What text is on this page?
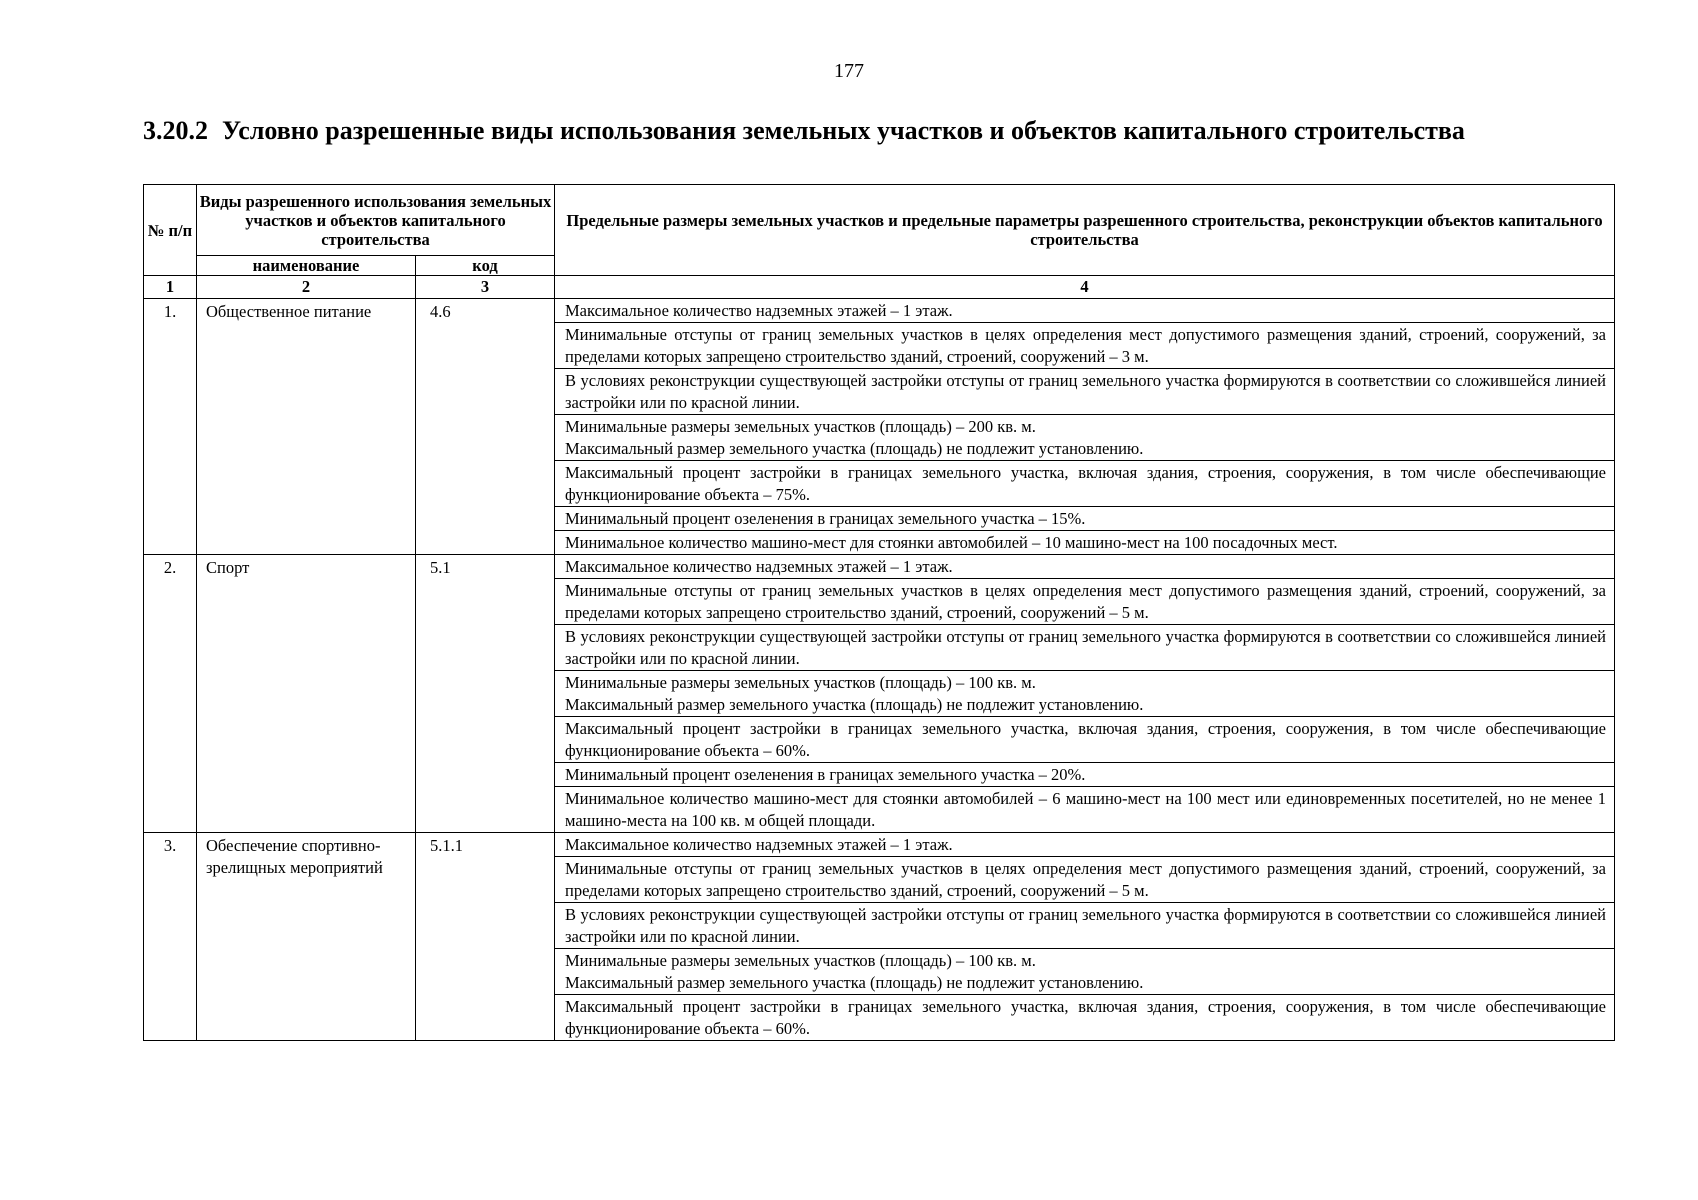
177
3.20.2 Условно разрешенные виды использования земельных участков и объектов капитального строительства
№ п/п	Виды разрешенного использования земельных участков и объектов капитального строительства		Предельные размеры земельных участков и предельные параметры разрешенного строительства, реконструкции объектов капитального строительства
	наименование	код	
1	2	3	4
1.	Общественное питание	4.6	Максимальное количество надземных этажей – 1 этаж.

			Минимальные отступы от границ земельных участков в целях определения мест допустимого размещения зданий, строений, сооружений, за пределами которых запрещено строительство зданий, строений, сооружений – 3 м.

			В условиях реконструкции существующей застройки отступы от границ земельного участка формируются в соответствии со сложившейся линией застройки или по красной линии.

			Минимальные размеры земельных участков (площадь) – 200 кв. м.
Максимальный размер земельного участка (площадь) не подлежит установлению.

			Максимальный процент застройки в границах земельного участка, включая здания, строения, сооружения, в том числе обеспечивающие функционирование объекта – 75%.

			Минимальный процент озеленения в границах земельного участка – 15%.

			Минимальное количество машино-мест для стоянки автомобилей – 10 машино-мест на 100 посадочных мест.

2.	Спорт	5.1	Максимальное количество надземных этажей – 1 этаж.

			Минимальные отступы от границ земельных участков в целях определения мест допустимого размещения зданий, строений, сооружений, за пределами которых запрещено строительство зданий, строений, сооружений – 5 м.

			В условиях реконструкции существующей застройки отступы от границ земельного участка формируются в соответствии со сложившейся линией застройки или по красной линии.

			Минимальные размеры земельных участков (площадь) – 100 кв. м.
Максимальный размер земельного участка (площадь) не подлежит установлению.

			Максимальный процент застройки в границах земельного участка, включая здания, строения, сооружения, в том числе обеспечивающие функционирование объекта – 60%.

			Минимальный процент озеленения в границах земельного участка – 20%.

			Минимальное количество машино-мест для стоянки автомобилей – 6 машино-мест на 100 мест или единовременных посетителей, но не менее 1 машино-места на 100 кв. м общей площади.

3.	Обеспечение спортивно-зрелищных мероприятий	5.1.1	Максимальное количество надземных этажей – 1 этаж.

			Минимальные отступы от границ земельных участков в целях определения мест допустимого размещения зданий, строений, сооружений, за пределами которых запрещено строительство зданий, строений, сооружений – 5 м.

			В условиях реконструкции существующей застройки отступы от границ земельного участка формируются в соответствии со сложившейся линией застройки или по красной линии.

			Минимальные размеры земельных участков (площадь) – 100 кв. м.
Максимальный размер земельного участка (площадь) не подлежит установлению.

			Максимальный процент застройки в границах земельного участка, включая здания, строения, сооружения, в том числе обеспечивающие функционирование объекта – 60%.
